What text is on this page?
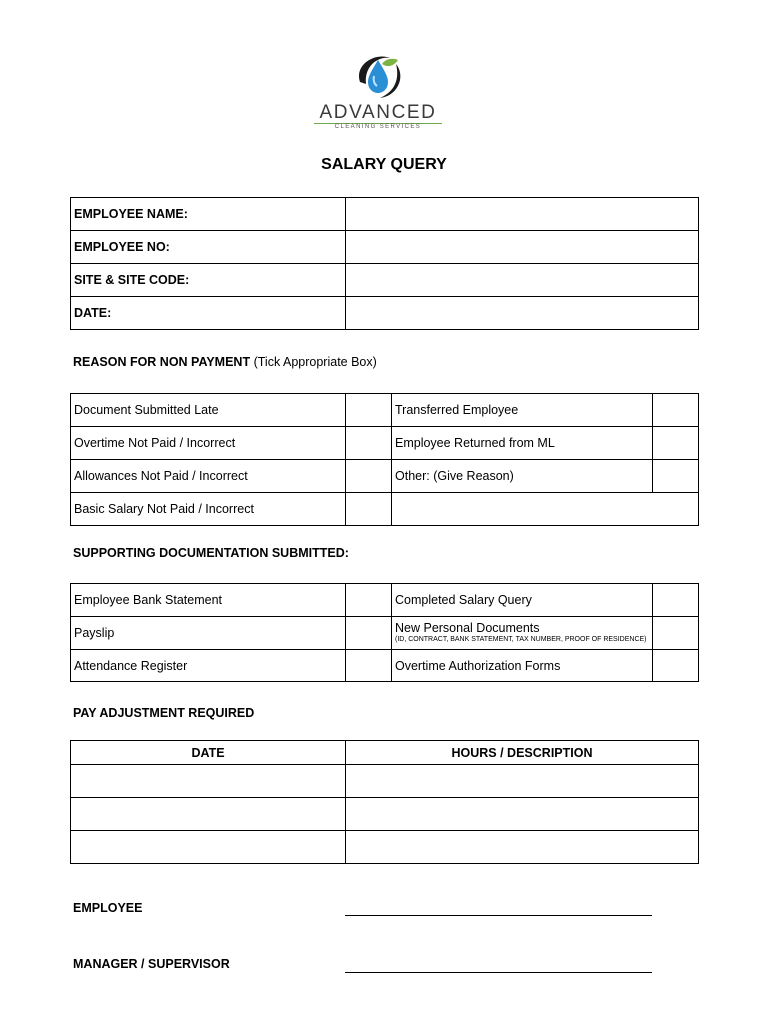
ADVANCED
CLEANING SERVICES
SALARY QUERY
EMPLOYEE NAME:	
EMPLOYEE NO:	
SITE & SITE CODE:	
DATE:	
REASON FOR NON PAYMENT (Tick Appropriate Box)
Document Submitted Late		Transferred Employee	
Overtime Not Paid / Incorrect		Employee Returned from ML	
Allowances Not Paid / Incorrect		Other: (Give Reason)	
Basic Salary Not Paid / Incorrect			
SUPPORTING DOCUMENTATION SUBMITTED:
Employee Bank Statement		Completed Salary Query	
Payslip		New Personal Documents
(ID, CONTRACT, BANK STATEMENT, TAX NUMBER, PROOF OF RESIDENCE)	

Attendance Register		Overtime Authorization Forms	
PAY ADJUSTMENT REQUIRED
DATE	HOURS / DESCRIPTION

EMPLOYEE
MANAGER / SUPERVISOR
